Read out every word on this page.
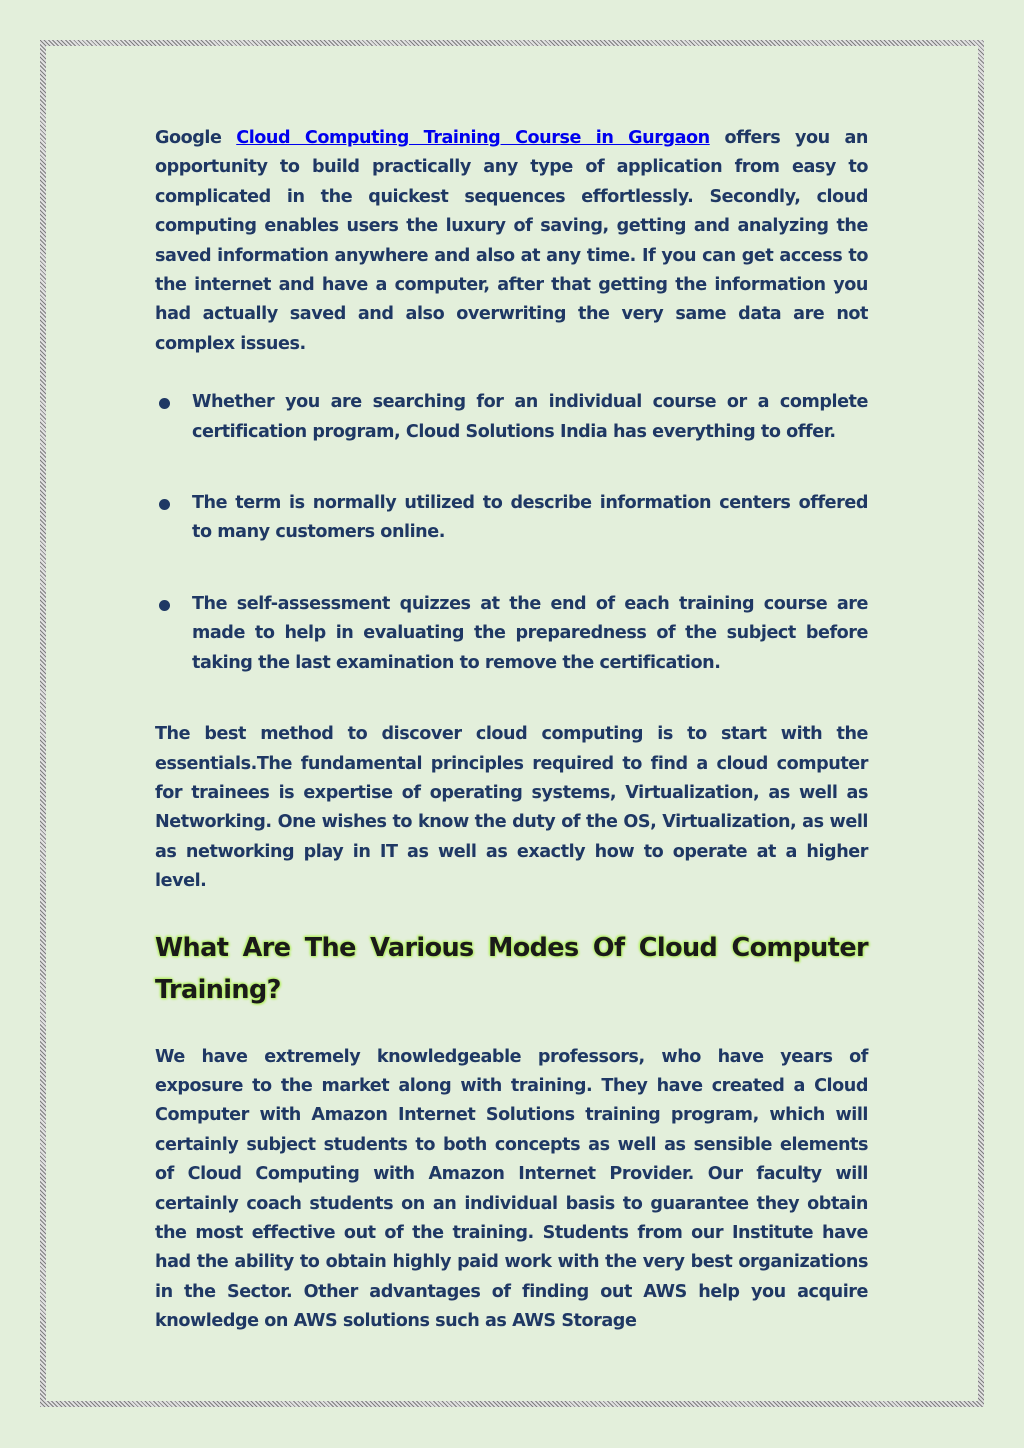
Google Cloud Computing Training Course in Gurgaon offers you an opportunity to build practically any type of application from easy to complicated in the quickest sequences effortlessly. Secondly, cloud computing enables users the luxury of saving, getting and analyzing the saved information anywhere and also at any time. If you can get access to the internet and have a computer, after that getting the information you had actually saved and also overwriting the very same data are not complex issues.

Whether you are searching for an individual course or a complete certification program, Cloud Solutions India has everything to offer.
The term is normally utilized to describe information centers offered to many customers online.
The self-assessment quizzes at the end of each training course are made to help in evaluating the preparedness of the subject before taking the last examination to remove the certification.

The best method to discover cloud computing is to start with the essentials.The fundamental principles required to find a cloud computer for trainees is expertise of operating systems, Virtualization, as well as Networking. One wishes to know the duty of the OS, Virtualization, as well as networking play in IT as well as exactly how to operate at a higher level.

What Are The Various Modes Of Cloud Computer Training?

We have extremely knowledgeable professors, who have years of exposure to the market along with training. They have created a Cloud Computer with Amazon Internet Solutions training program, which will certainly subject students to both concepts as well as sensible elements of Cloud Computing with Amazon Internet Provider. Our faculty will certainly coach students on an individual basis to guarantee they obtain the most effective out of the training. Students from our Institute have had the ability to obtain highly paid work with the very best organizations in the Sector. Other advantages of finding out AWS help you acquire knowledge on AWS solutions such as AWS Storage
